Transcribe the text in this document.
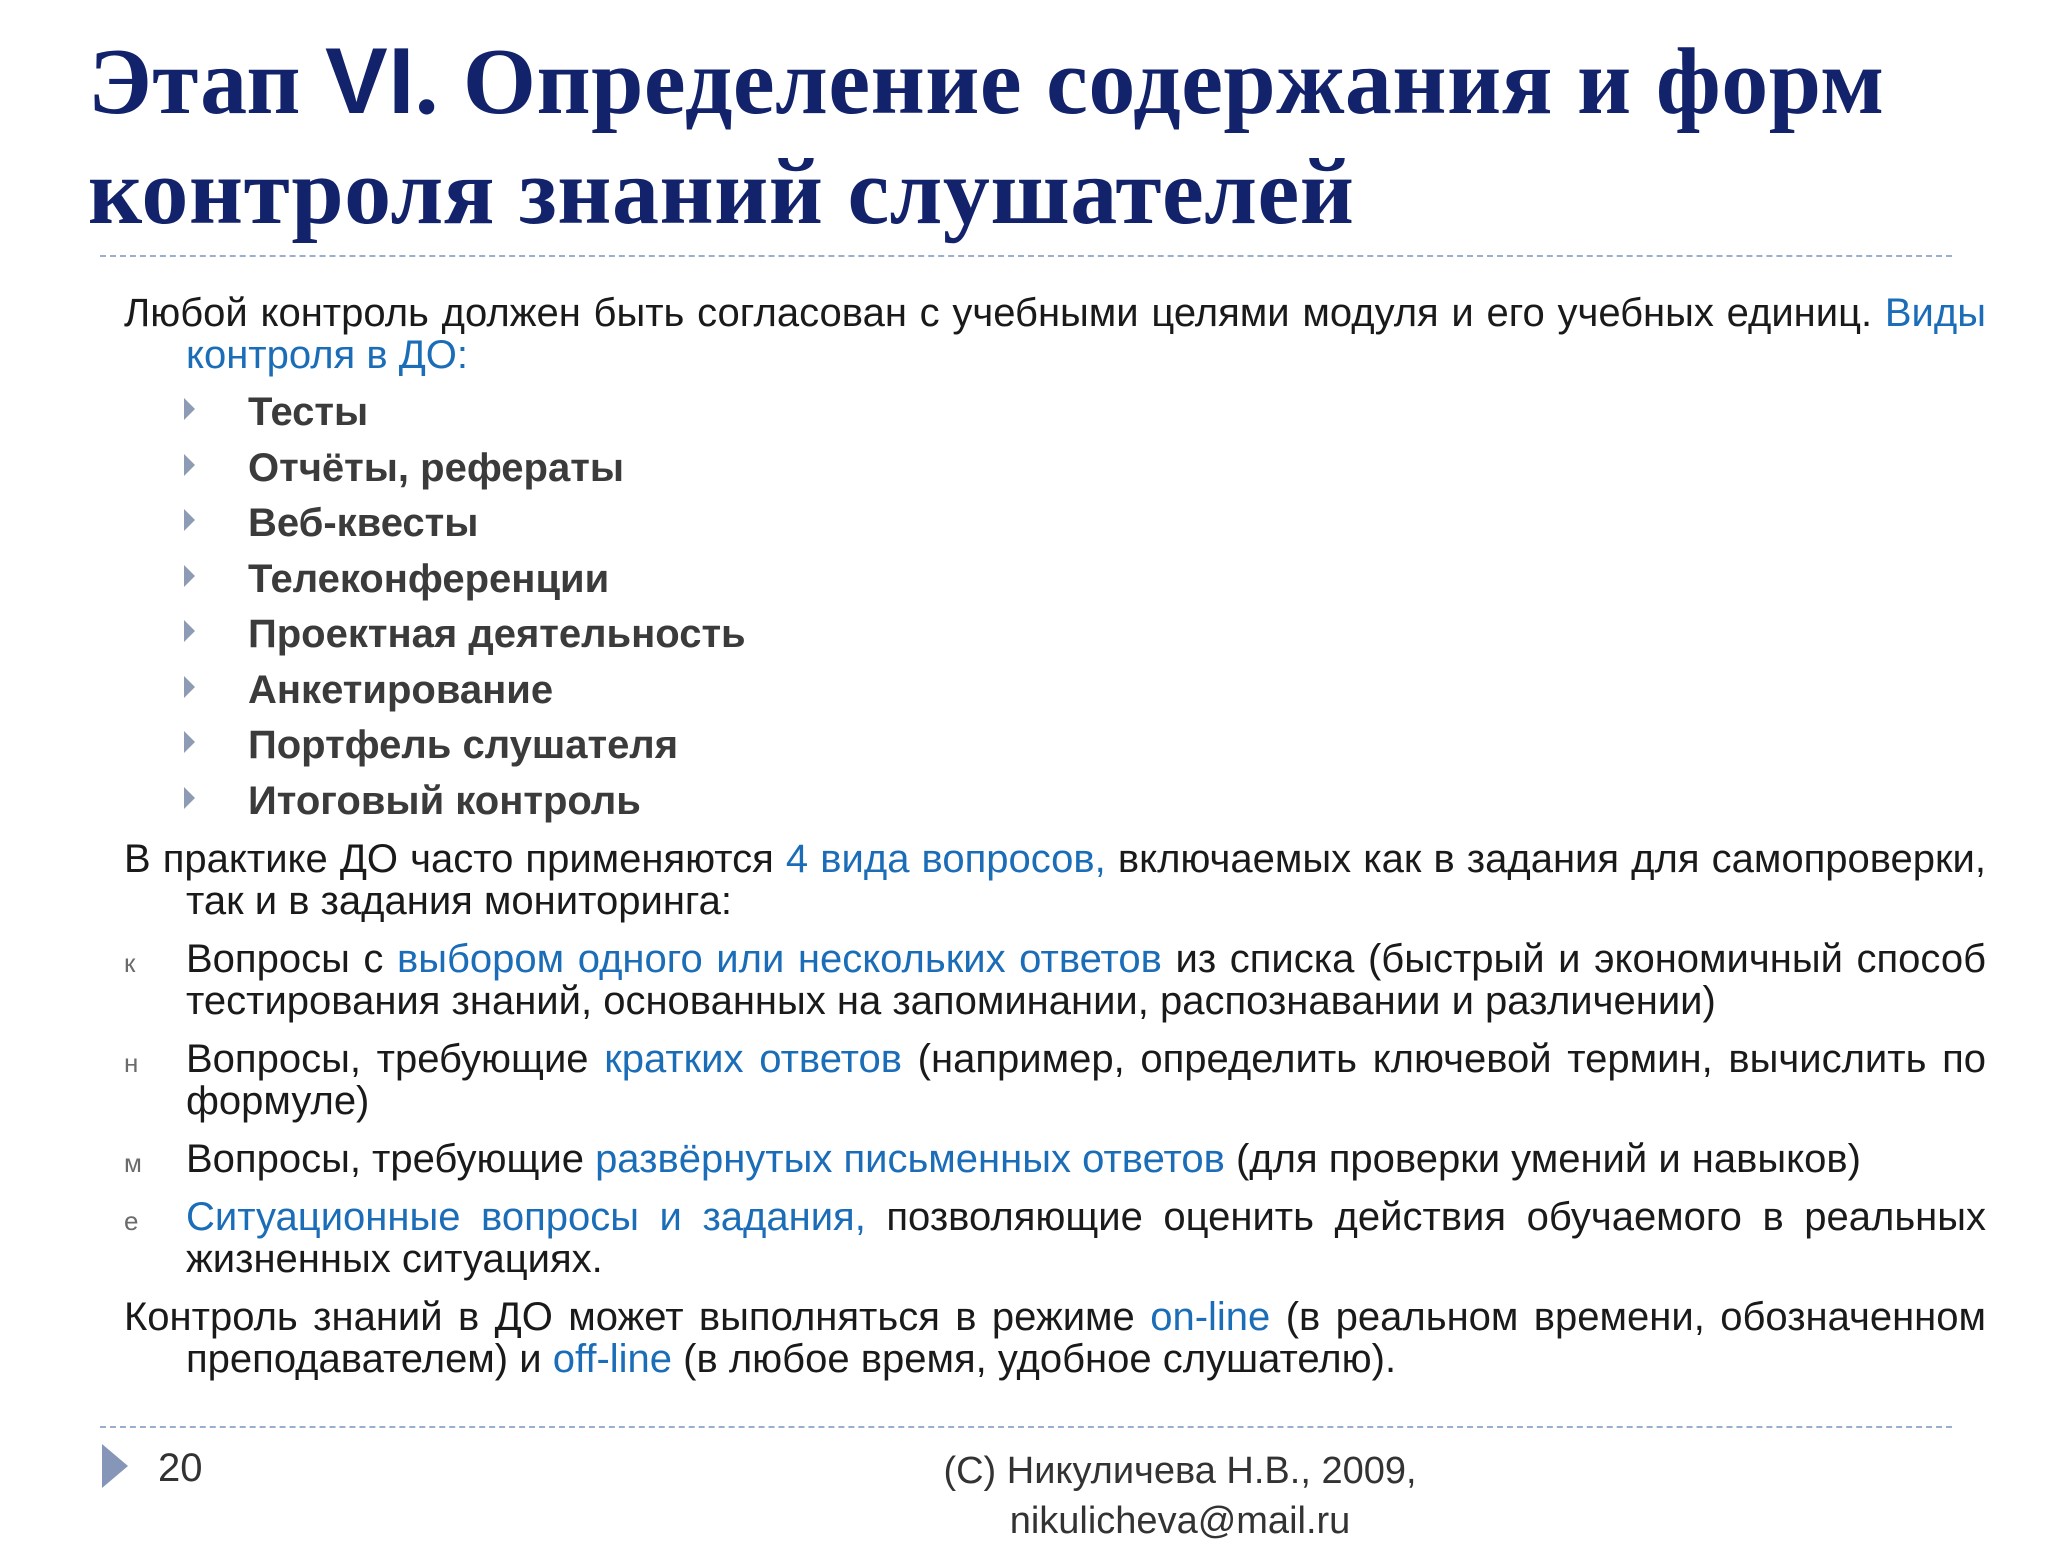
Этап VI. Определение содержания и форм контроля знаний слушателей

Любой контроль должен быть согласован с учебными целями модуля и его учебных единиц. Виды контроля в ДО:

Тесты
Отчёты, рефераты
Веб-квесты
Телеконференции
Проектная деятельность
Анкетирование
Портфель слушателя
Итоговый контроль

В практике ДО часто применяются 4 вида вопросов, включаемых как в задания для самопроверки, так и в задания мониторинга:

к Вопросы с выбором одного или нескольких ответов из списка (быстрый и экономичный способ тестирования знаний, основанных на запоминании, распознавании и различении)

н Вопросы, требующие кратких ответов (например, определить ключевой термин, вычислить по формуле)

м Вопросы, требующие развёрнутых письменных ответов (для проверки умений и навыков)

е Ситуационные вопросы и задания, позволяющие оценить действия обучаемого в реальных жизненных ситуациях.

Контроль знаний в ДО может выполняться в режиме on-line (в реальном времени, обозначенном преподавателем) и off-line (в любое время, удобное слушателю).

20	(C) Никуличева Н.В., 2009,
nikulicheva@mail.ru
